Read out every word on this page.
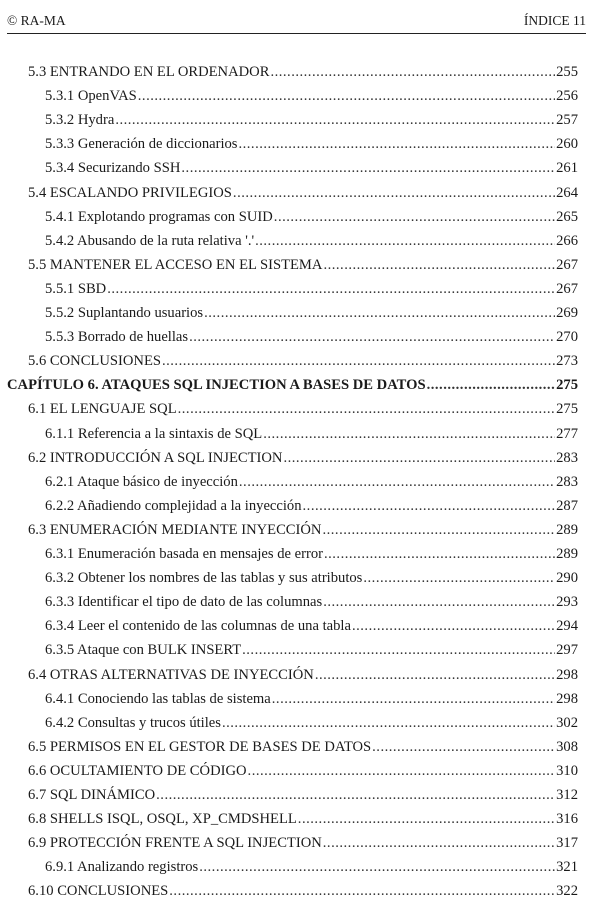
© RA-MA	ÍNDICE 11
5.3 ENTRANDO EN EL ORDENADOR .....	255
5.3.1 OpenVAS .....	256
5.3.2 Hydra .....	257
5.3.3 Generación de diccionarios .....	260
5.3.4 Securizando SSH .....	261
5.4 ESCALANDO PRIVILEGIOS .....	264
5.4.1 Explotando programas con SUID .....	265
5.4.2 Abusando de la ruta relativa '.' .....	266
5.5 MANTENER EL ACCESO EN EL SISTEMA .....	267
5.5.1 SBD .....	267
5.5.2 Suplantando usuarios .....	269
5.5.3 Borrado de huellas .....	270
5.6 CONCLUSIONES .....	273
CAPÍTULO 6. ATAQUES SQL INJECTION A BASES DE DATOS .....	275
6.1 EL LENGUAJE SQL .....	275
6.1.1 Referencia a la sintaxis de SQL .....	277
6.2 INTRODUCCIÓN A SQL INJECTION .....	283
6.2.1 Ataque básico de inyección .....	283
6.2.2 Añadiendo complejidad a la inyección .....	287
6.3 ENUMERACIÓN MEDIANTE INYECCIÓN .....	289
6.3.1 Enumeración basada en mensajes de error .....	289
6.3.2 Obtener los nombres de las tablas y sus atributos .....	290
6.3.3 Identificar el tipo de dato de las columnas .....	293
6.3.4 Leer el contenido de las columnas de una tabla .....	294
6.3.5 Ataque con BULK INSERT .....	297
6.4 OTRAS ALTERNATIVAS DE INYECCIÓN .....	298
6.4.1 Conociendo las tablas de sistema .....	298
6.4.2 Consultas y trucos útiles .....	302
6.5 PERMISOS EN EL GESTOR DE BASES DE DATOS .....	308
6.6 OCULTAMIENTO DE CÓDIGO .....	310
6.7 SQL DINÁMICO .....	312
6.8 SHELLS ISQL, OSQL, XP_CMDSHELL .....	316
6.9 PROTECCIÓN FRENTE A SQL INJECTION .....	317
6.9.1 Analizando registros .....	321
6.10 CONCLUSIONES .....	322
